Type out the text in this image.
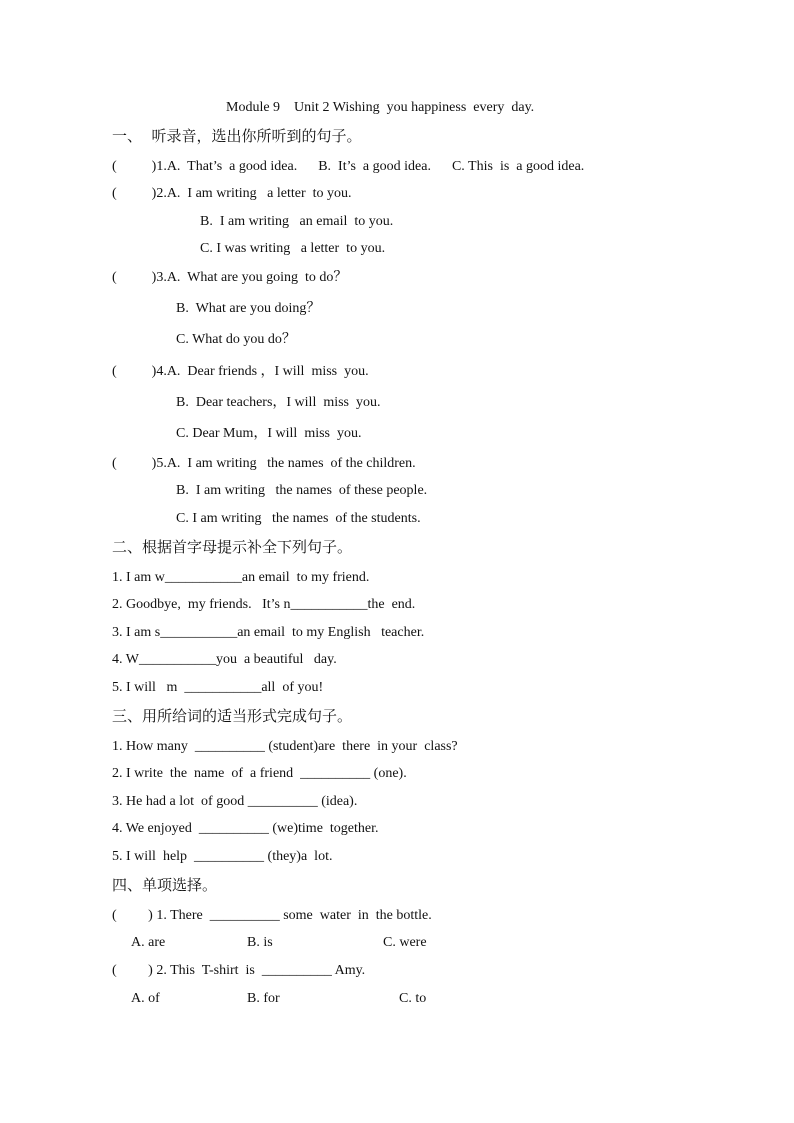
Module 9    Unit 2 Wishing  you happiness  every  day.
一、  听录音，选出你所听到的句子。
(          )1.A.  That’s  a good idea.      B.  It’s  a good idea.      C. This  is  a good idea.
(          )2.A.  I am writing   a letter  to you.
B.  I am writing   an email  to you.
C. I was writing   a letter  to you.
(          )3.A.  What are you going  to do？
B.  What are you doing？
C. What do you do？
(          )4.A.  Dear friends ，I will  miss  you.
B.  Dear teachers，I will  miss  you.
C. Dear Mum，I will  miss  you.
(          )5.A.  I am writing   the names  of the children.
B.  I am writing   the names  of these people.
C. I am writing   the names  of the students.
二、根据首字母提示补全下列句子。
1. I am w___________an email  to my friend.
2. Goodbye,  my friends.   It’s n___________the  end.
3. I am s___________an email  to my English   teacher.
4. W___________you  a beautiful   day.
5. I will   m  ___________all  of you!
三、用所给词的适当形式完成句子。
1. How many  __________ (student)are  there  in your  class?
2. I write  the  name  of  a friend  __________ (one).
3. He had a lot  of good __________ (idea).
4. We enjoyed  __________ (we)time  together.
5. I will  help  __________ (they)a  lot.
四、单项选择。
(         ) 1. There  __________ some  water  in  the bottle.
A. are	B. is	C. were
(         ) 2. This  T-shirt  is  __________ Amy.
A. of	B. for	C. to
